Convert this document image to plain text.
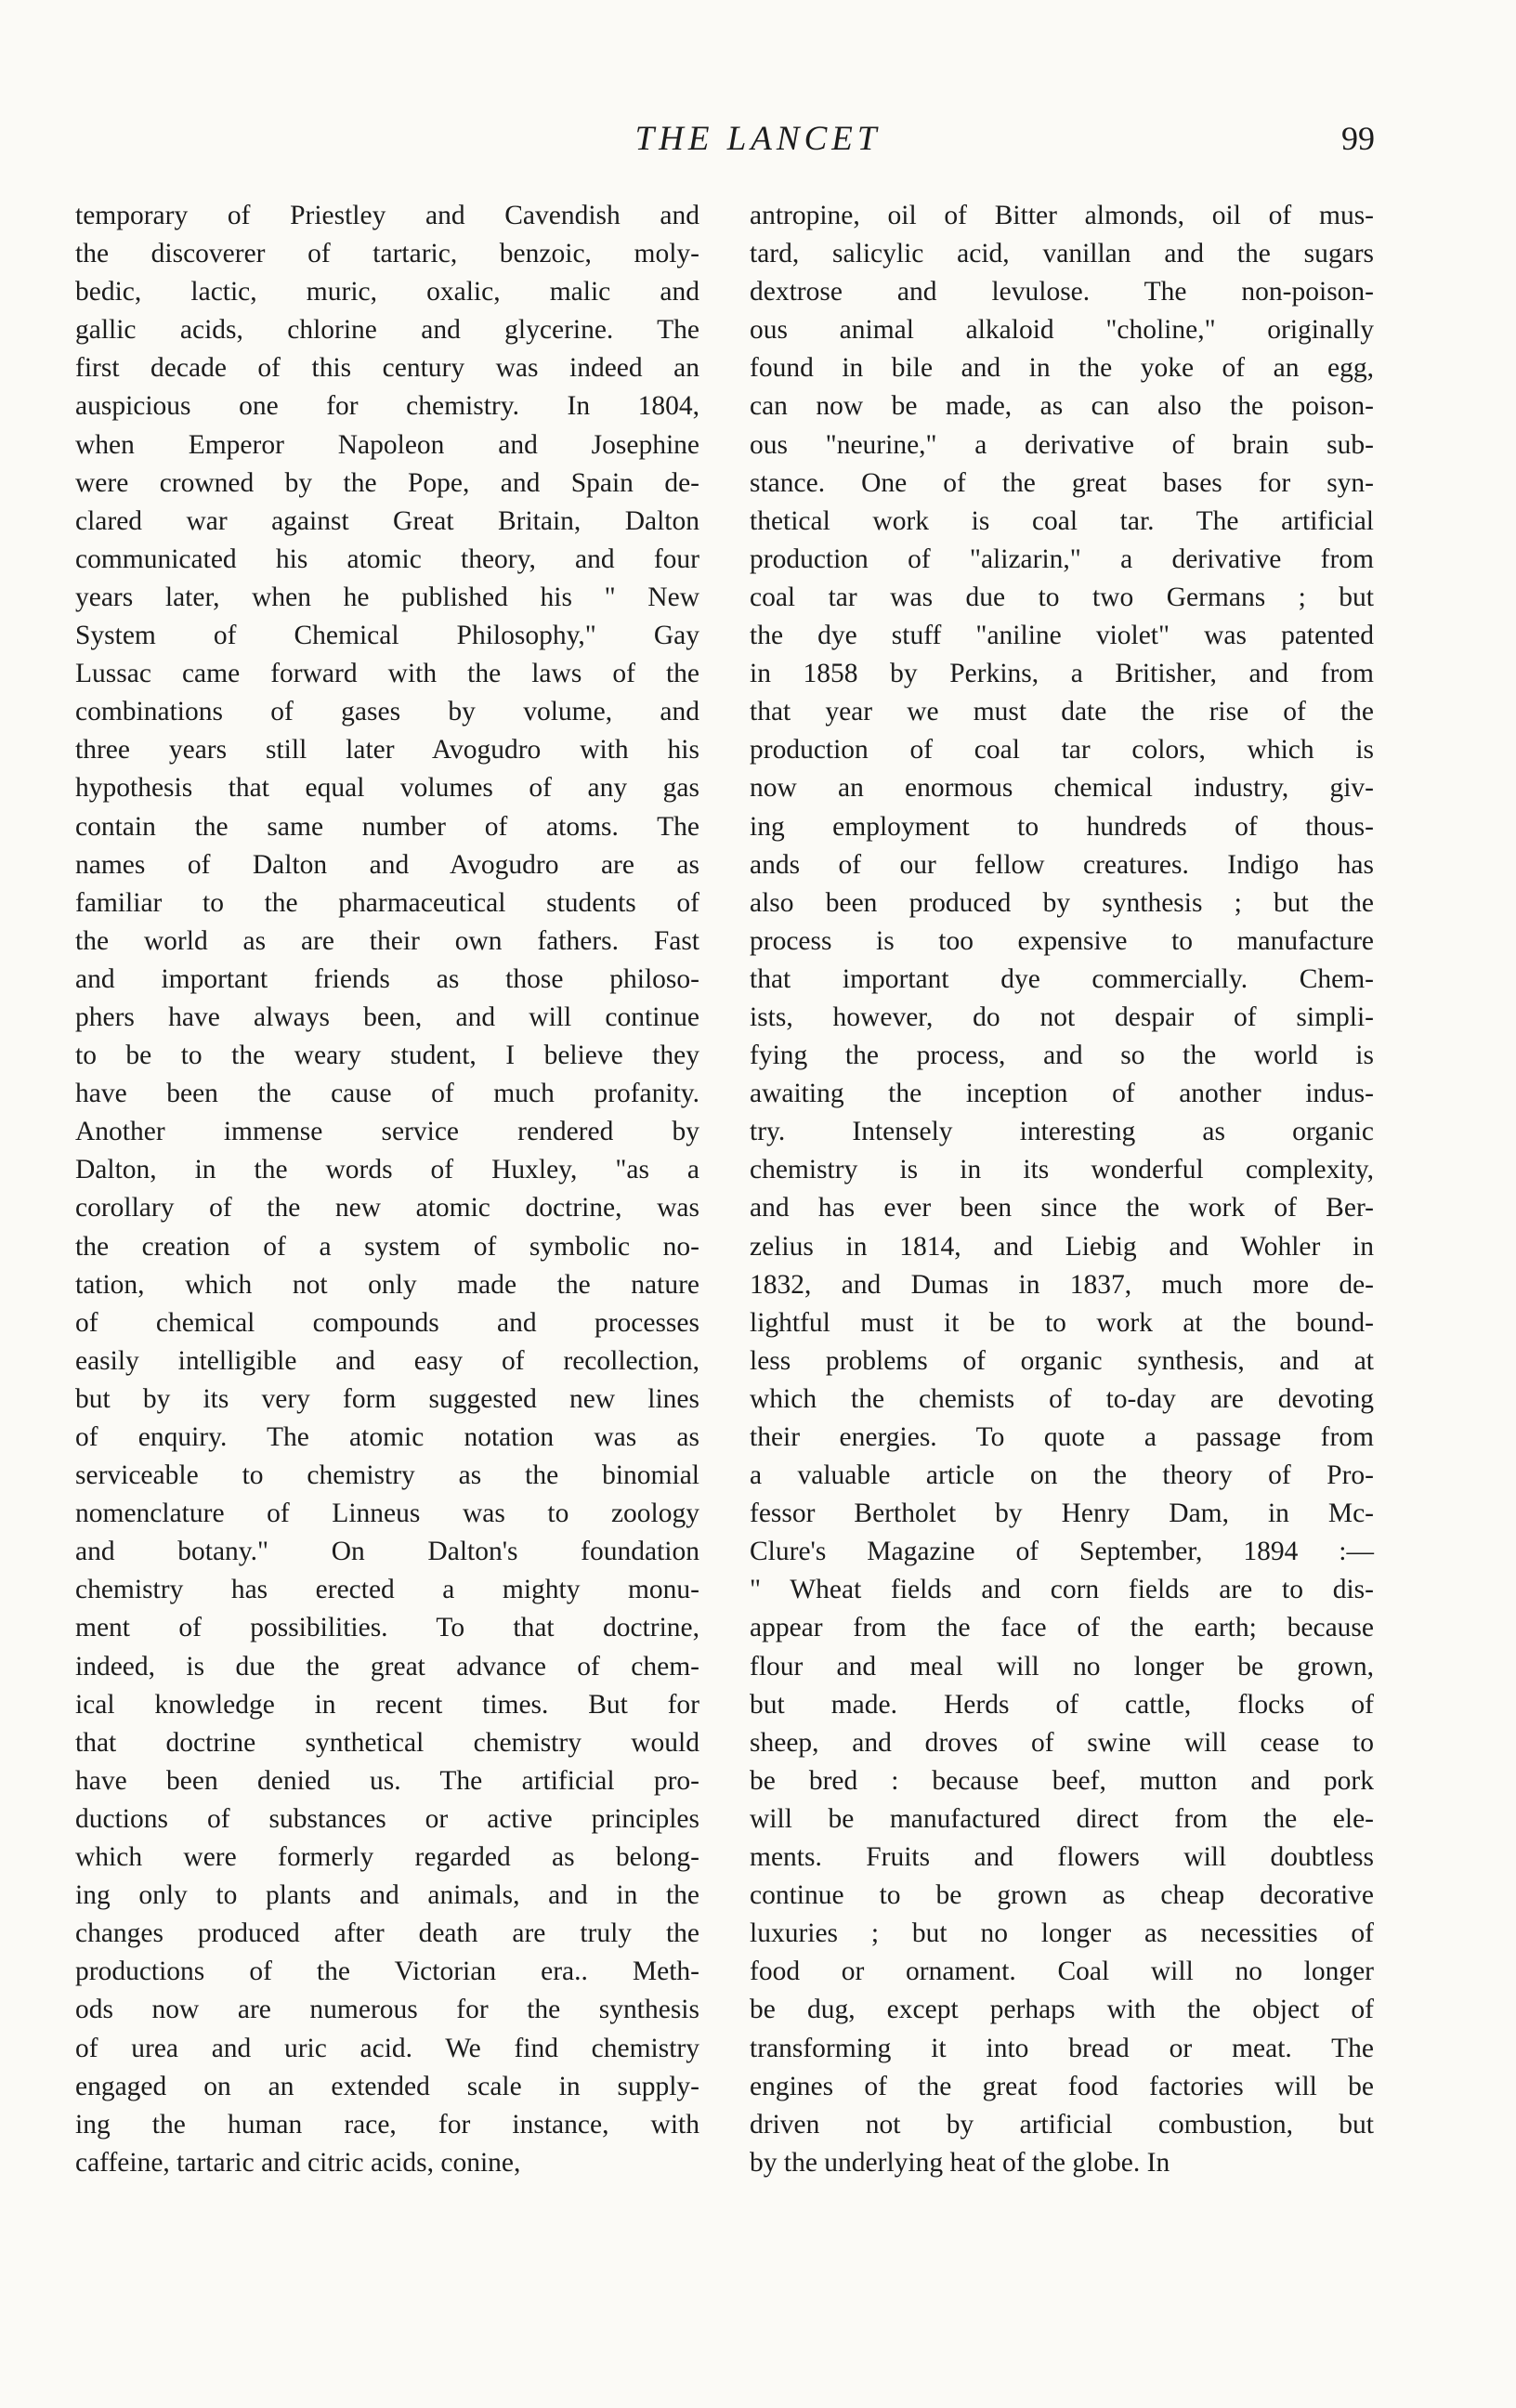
THE LANCET	99
temporary of Priestley and Cavendish and
the discoverer of tartaric, benzoic, moly-
bedic, lactic, muric, oxalic, malic and
gallic acids, chlorine and glycerine. The
first decade of this century was indeed an
auspicious one for chemistry. In 1804,
when Emperor Napoleon and Josephine
were crowned by the Pope, and Spain de-
clared war against Great Britain, Dalton
communicated his atomic theory, and four
years later, when he published his " New
System of Chemical Philosophy," Gay
Lussac came forward with the laws of the
combinations of gases by volume, and
three years still later Avogudro with his
hypothesis that equal volumes of any gas
contain the same number of atoms. The
names of Dalton and Avogudro are as
familiar to the pharmaceutical students of
the world as are their own fathers. Fast
and important friends as those philoso-
phers have always been, and will continue
to be to the weary student, I believe they
have been the cause of much profanity.
Another immense service rendered by
Dalton, in the words of Huxley, "as a
corollary of the new atomic doctrine, was
the creation of a system of symbolic no-
tation, which not only made the nature
of chemical compounds and processes
easily intelligible and easy of recollection,
but by its very form suggested new lines
of enquiry. The atomic notation was as
serviceable to chemistry as the binomial
nomenclature of Linneus was to zoology
and botany." On Dalton's foundation
chemistry has erected a mighty monu-
ment of possibilities. To that doctrine,
indeed, is due the great advance of chem-
ical knowledge in recent times. But for
that doctrine synthetical chemistry would
have been denied us. The artificial pro-
ductions of substances or active principles
which were formerly regarded as belong-
ing only to plants and animals, and in the
changes produced after death are truly the
productions of the Victorian era.. Meth-
ods now are numerous for the synthesis
of urea and uric acid. We find chemistry
engaged on an extended scale in supply-
ing the human race, for instance, with
caffeine, tartaric and citric acids, conine,
antropine, oil of Bitter almonds, oil of mus-
tard, salicylic acid, vanillan and the sugars
dextrose and levulose. The non-poison-
ous animal alkaloid "choline," originally
found in bile and in the yoke of an egg,
can now be made, as can also the poison-
ous "neurine," a derivative of brain sub-
stance. One of the great bases for syn-
thetical work is coal tar. The artificial
production of "alizarin," a derivative from
coal tar was due to two Germans ; but
the dye stuff "aniline violet" was patented
in 1858 by Perkins, a Britisher, and from
that year we must date the rise of the
production of coal tar colors, which is
now an enormous chemical industry, giv-
ing employment to hundreds of thous-
ands of our fellow creatures. Indigo has
also been produced by synthesis ; but the
process is too expensive to manufacture
that important dye commercially. Chem-
ists, however, do not despair of simpli-
fying the process, and so the world is
awaiting the inception of another indus-
try. Intensely interesting as organic
chemistry is in its wonderful complexity,
and has ever been since the work of Ber-
zelius in 1814, and Liebig and Wohler in
1832, and Dumas in 1837, much more de-
lightful must it be to work at the bound-
less problems of organic synthesis, and at
which the chemists of to-day are devoting
their energies. To quote a passage from
a valuable article on the theory of Pro-
fessor Bertholet by Henry Dam, in Mc-
Clure's Magazine of September, 1894 :—
" Wheat fields and corn fields are to dis-
appear from the face of the earth; because
flour and meal will no longer be grown,
but made. Herds of cattle, flocks of
sheep, and droves of swine will cease to
be bred : because beef, mutton and pork
will be manufactured direct from the ele-
ments. Fruits and flowers will doubtless
continue to be grown as cheap decorative
luxuries ; but no longer as necessities of
food or ornament. Coal will no longer
be dug, except perhaps with the object of
transforming it into bread or meat. The
engines of the great food factories will be
driven not by artificial combustion, but
by the underlying heat of the globe. In
